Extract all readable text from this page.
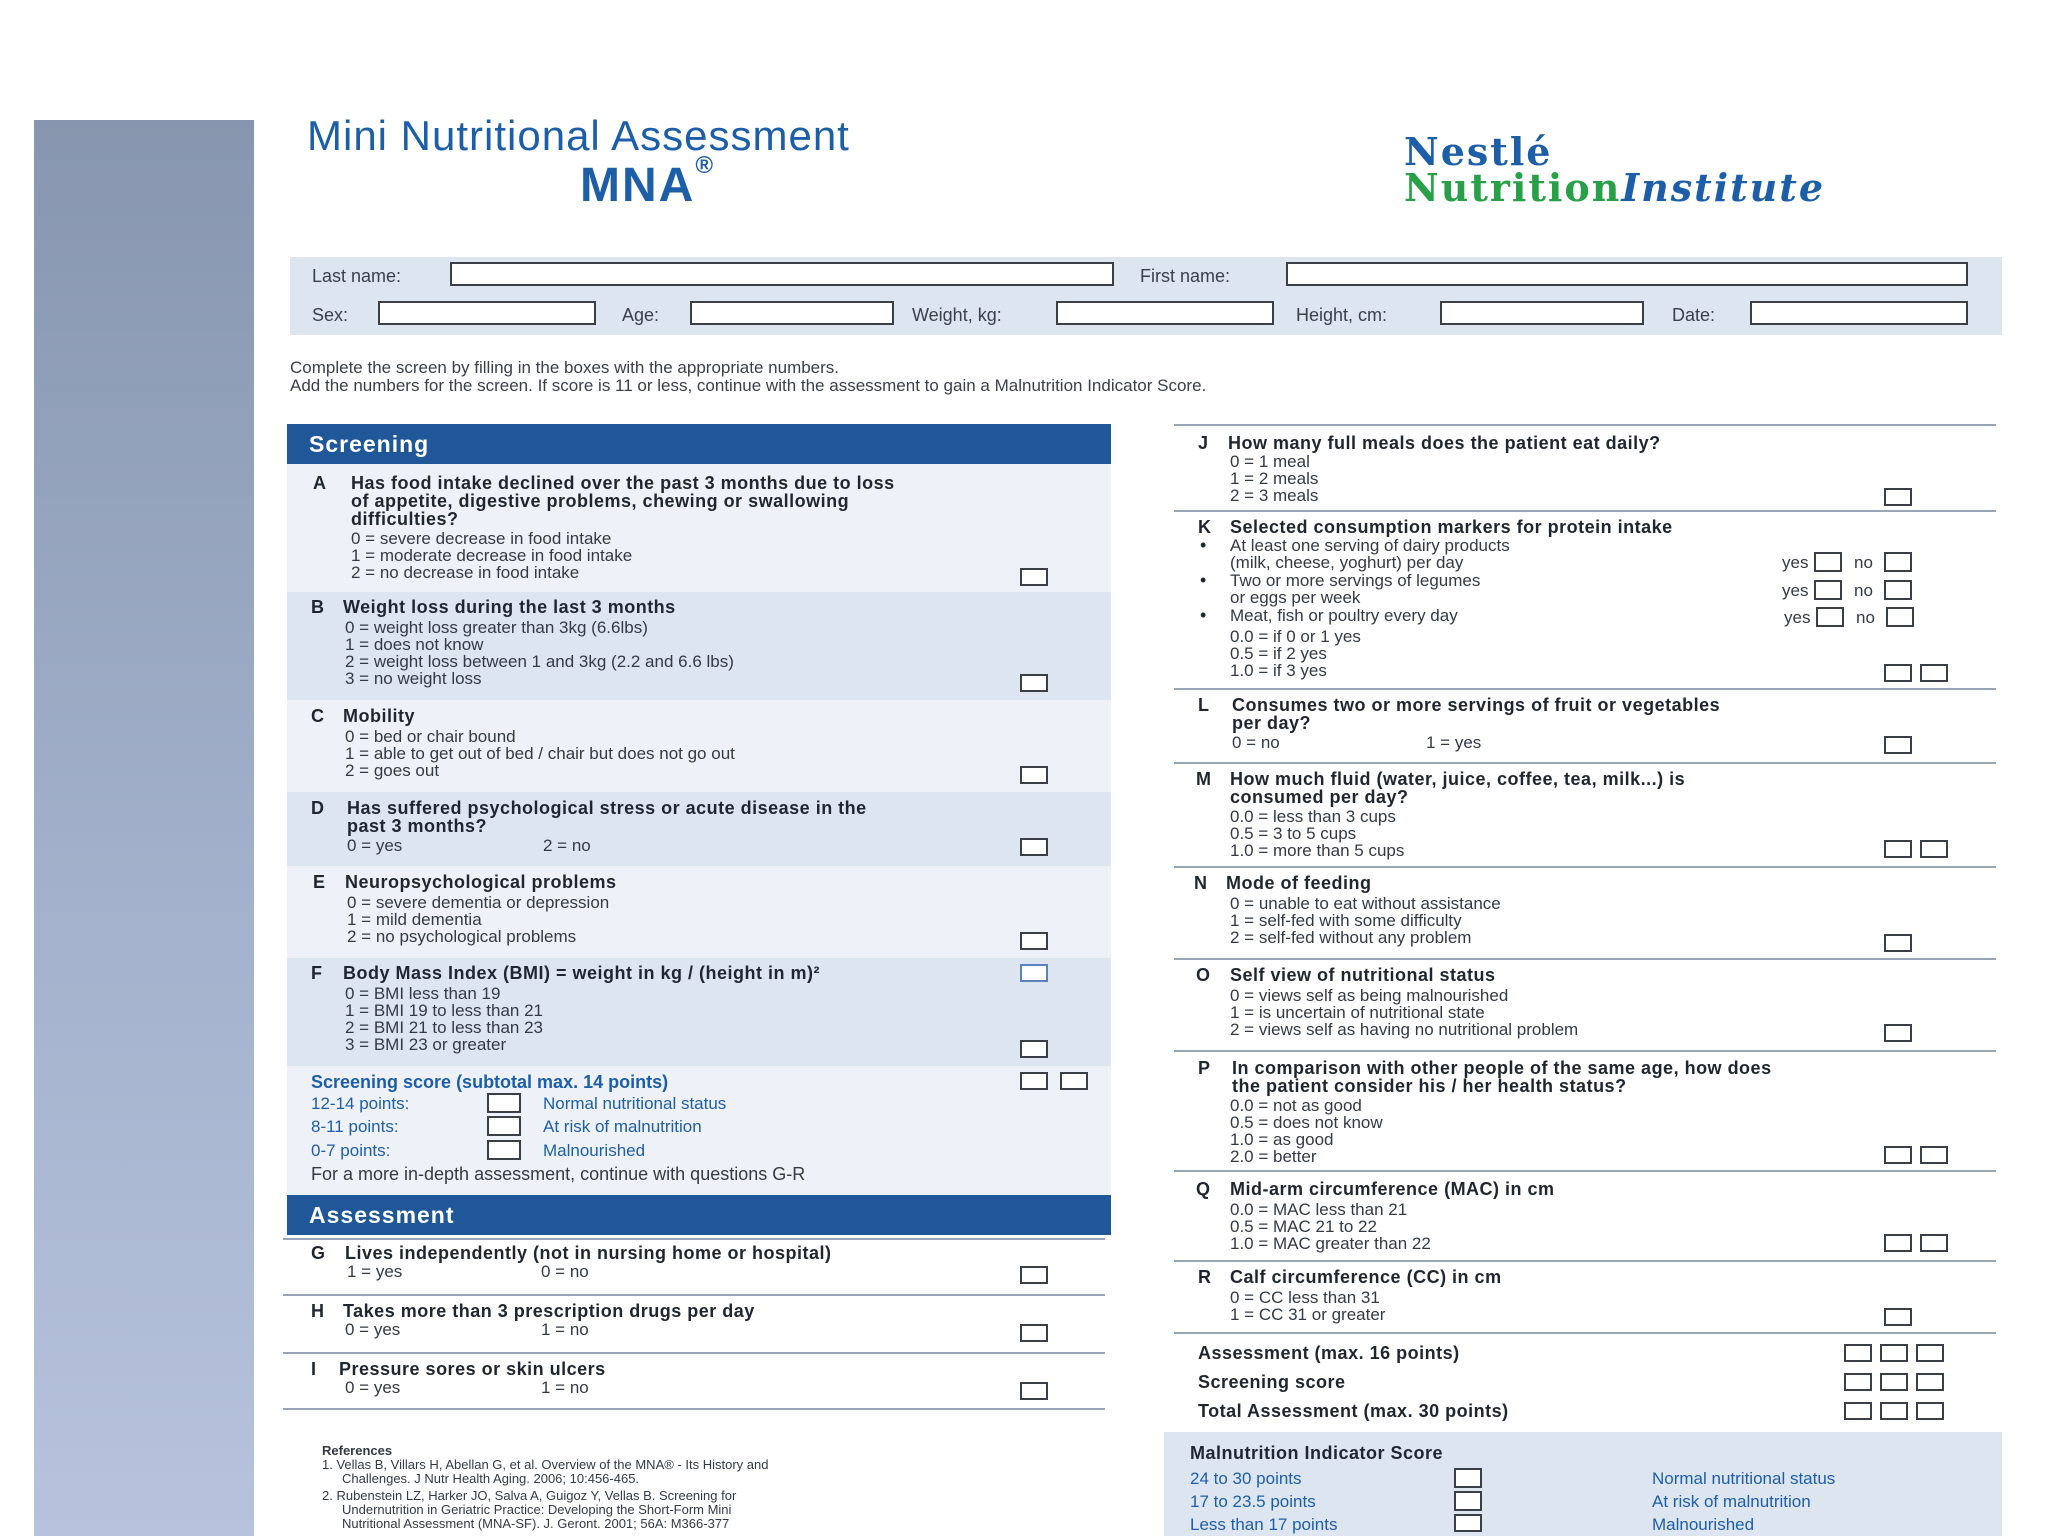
Mini Nutritional Assessment
MNA®	Nestlé
NutritionInstitute
Last name:	First name:
Sex:	Age:	Weight, kg:	Height, cm:	Date:
Complete the screen by filling in the boxes with the appropriate numbers.
Add the numbers for the screen. If score is 11 or less, continue with the assessment to gain a Malnutrition Indicator Score.
Screening
A Has food intake declined over the past 3 months due to loss
of appetite, digestive problems, chewing or swallowing
difficulties?
0 = severe decrease in food intake
1 = moderate decrease in food intake
2 = no decrease in food intake
B Weight loss during the last 3 months
0 = weight loss greater than 3kg (6.6lbs)
1 = does not know
2 = weight loss between 1 and 3kg (2.2 and 6.6 lbs)
3 = no weight loss
C Mobility
0 = bed or chair bound
1 = able to get out of bed / chair but does not go out
2 = goes out
D Has suffered psychological stress or acute disease in the
past 3 months?
0 = yes	2 = no
E Neuropsychological problems
0 = severe dementia or depression
1 = mild dementia
2 = no psychological problems
F Body Mass Index (BMI) = weight in kg / (height in m)²
0 = BMI less than 19
1 = BMI 19 to less than 21
2 = BMI 21 to less than 23
3 = BMI 23 or greater
Screening score (subtotal max. 14 points)
12-14 points:	Normal nutritional status
8-11 points:	At risk of malnutrition
0-7 points:	Malnourished
For a more in-depth assessment, continue with questions G-R
Assessment
G Lives independently (not in nursing home or hospital)
1 = yes	0 = no
H Takes more than 3 prescription drugs per day
0 = yes	1 = no
I Pressure sores or skin ulcers
0 = yes	1 = no
References
1. Vellas B, Villars H, Abellan G, et al. Overview of the MNA® - Its History and
Challenges. J Nutr Health Aging. 2006; 10:456-465.
2. Rubenstein LZ, Harker JO, Salva A, Guigoz Y, Vellas B. Screening for
Undernutrition in Geriatric Practice: Developing the Short-Form Mini
Nutritional Assessment (MNA-SF). J. Geront. 2001; 56A: M366-377
J How many full meals does the patient eat daily?
0 = 1 meal
1 = 2 meals
2 = 3 meals
K Selected consumption markers for protein intake
• At least one serving of dairy products
(milk, cheese, yoghurt) per day	yes	no
• Two or more servings of legumes
or eggs per week	yes	no
• Meat, fish or poultry every day	yes	no
0.0 = if 0 or 1 yes
0.5 = if 2 yes
1.0 = if 3 yes
L Consumes two or more servings of fruit or vegetables
per day?
0 = no	1 = yes
M How much fluid (water, juice, coffee, tea, milk...) is
consumed per day?
0.0 = less than 3 cups
0.5 = 3 to 5 cups
1.0 = more than 5 cups
N Mode of feeding
0 = unable to eat without assistance
1 = self-fed with some difficulty
2 = self-fed without any problem
O Self view of nutritional status
0 = views self as being malnourished
1 = is uncertain of nutritional state
2 = views self as having no nutritional problem
P In comparison with other people of the same age, how does
the patient consider his / her health status?
0.0 = not as good
0.5 = does not know
1.0 = as good
2.0 = better
Q Mid-arm circumference (MAC) in cm
0.0 = MAC less than 21
0.5 = MAC 21 to 22
1.0 = MAC greater than 22
R Calf circumference (CC) in cm
0 = CC less than 31
1 = CC 31 or greater
Assessment (max. 16 points)
Screening score
Total Assessment (max. 30 points)
Malnutrition Indicator Score
24 to 30 points	Normal nutritional status
17 to 23.5 points	At risk of malnutrition
Less than 17 points	Malnourished
